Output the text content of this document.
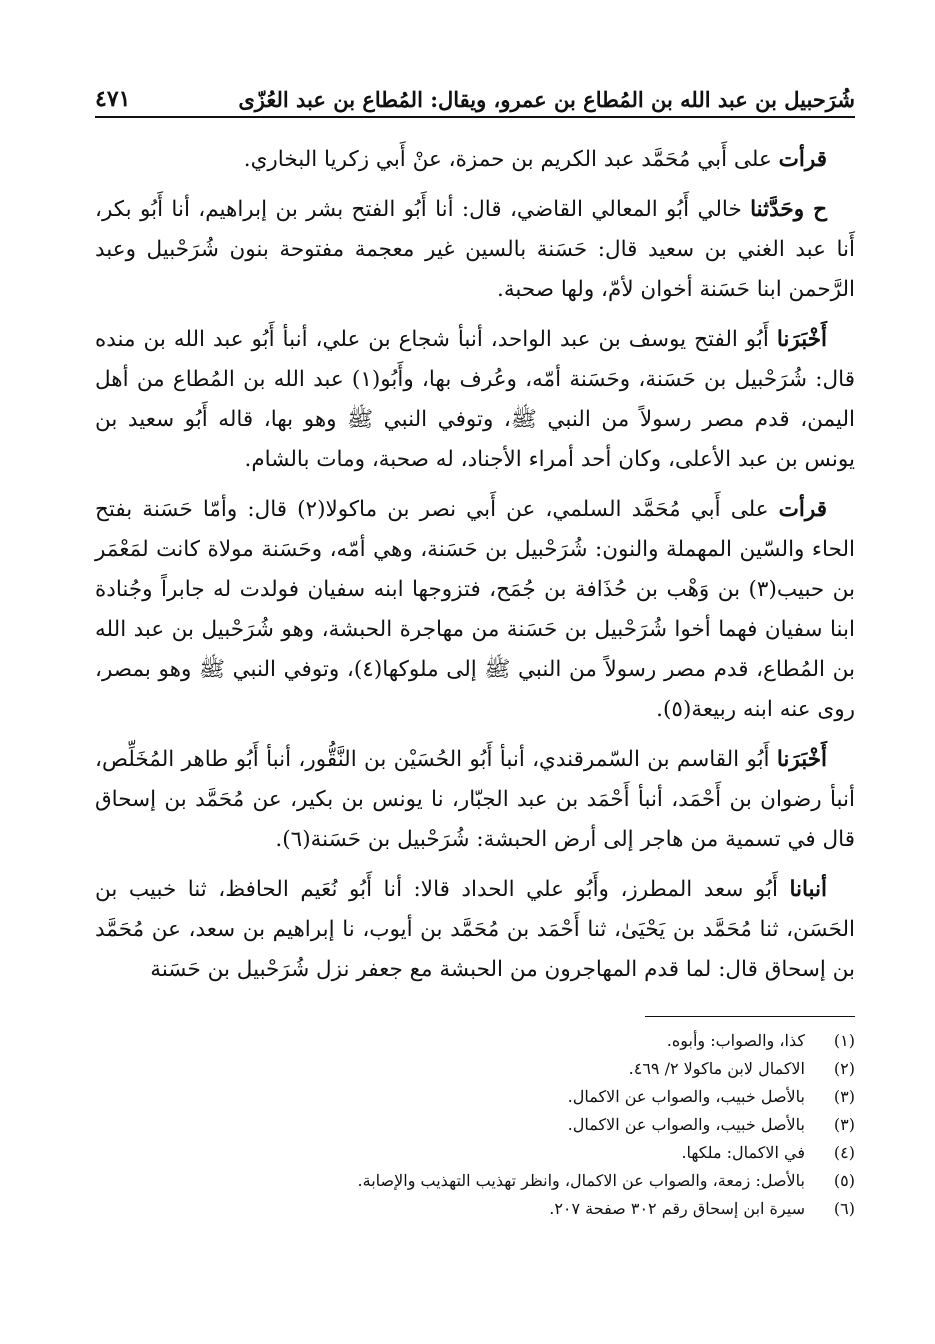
شُرَحبيل بن عبد الله بن المُطاع بن عمرو، ويقال: المُطاع بن عبد العُزّى
٤٧١

قرأت على أَبي مُحَمَّد عبد الكريم بن حمزة، عنْ أَبي زكريا البخاري.

ح وحَدَّثنا خالي أَبُو المعالي القاضي، قال: أنا أَبُو الفتح بشر بن إبراهيم، أنا أَبُو بكر، أَنا عبد الغني بن سعيد قال: حَسَنة بالسين غير معجمة مفتوحة بنون شُرَحْبيل وعبد الرَّحمن ابنا حَسَنة أخوان لأمّ، ولها صحبة.

أَخْبَرَنا أَبُو الفتح يوسف بن عبد الواحد، أنبأ شجاع بن علي، أنبأ أَبُو عبد الله بن منده قال: شُرَحْبيل بن حَسَنة، وحَسَنة أمّه، وعُرف بها، وأَبُو(١) عبد الله بن المُطاع من أهل اليمن، قدم مصر رسولاً من النبي ﷺ، وتوفي النبي ﷺ وهو بها، قاله أَبُو سعيد بن يونس بن عبد الأعلى، وكان أحد أمراء الأجناد، له صحبة، ومات بالشام.

قرأت على أَبي مُحَمَّد السلمي، عن أَبي نصر بن ماكولا(٢) قال: وأمّا حَسَنة بفتح الحاء والسّين المهملة والنون: شُرَحْبيل بن حَسَنة، وهي أمّه، وحَسَنة مولاة كانت لمَعْمَر بن حبيب(٣) بن وَهْب بن حُذَافة بن جُمَح، فتزوجها ابنه سفيان فولدت له جابراً وجُنادة ابنا سفيان فهما أخوا شُرَحْبيل بن حَسَنة من مهاجرة الحبشة، وهو شُرَحْبيل بن عبد الله بن المُطاع، قدم مصر رسولاً من النبي ﷺ إلى ملوكها(٤)، وتوفي النبي ﷺ وهو بمصر، روى عنه ابنه ربيعة(٥).

أَخْبَرَنا أَبُو القاسم بن السّمرقندي، أنبأ أَبُو الحُسَيْن بن النَّقُّور، أنبأ أَبُو طاهر المُخَلِّص، أنبأ رضوان بن أَحْمَد، أنبأ أَحْمَد بن عبد الجبّار، نا يونس بن بكير، عن مُحَمَّد بن إسحاق قال في تسمية من هاجر إلى أرض الحبشة: شُرَحْبيل بن حَسَنة(٦).

أنبانا أَبُو سعد المطرز، وأَبُو علي الحداد قالا: أنا أَبُو نُعَيم الحافظ، ثنا خبيب بن الحَسَن، ثنا مُحَمَّد بن يَحْيَىٰ، ثنا أَحْمَد بن مُحَمَّد بن أيوب، نا إبراهيم بن سعد، عن مُحَمَّد بن إسحاق قال: لما قدم المهاجرون من الحبشة مع جعفر نزل شُرَحْبيل بن حَسَنة

(١)
كذا، والصواب: وأبوه.
(٢)
الاكمال لابن ماكولا ٢/ ٤٦٩.
(٣)
بالأصل خبيب، والصواب عن الاكمال.
(٣)
بالأصل خبيب، والصواب عن الاكمال.
(٤)
في الاكمال: ملكها.
(٥)
بالأصل: زمعة، والصواب عن الاكمال، وانظر تهذيب التهذيب والإصابة.
(٦)
سيرة ابن إسحاق رقم ٣٠٢ صفحة ٢٠٧.
